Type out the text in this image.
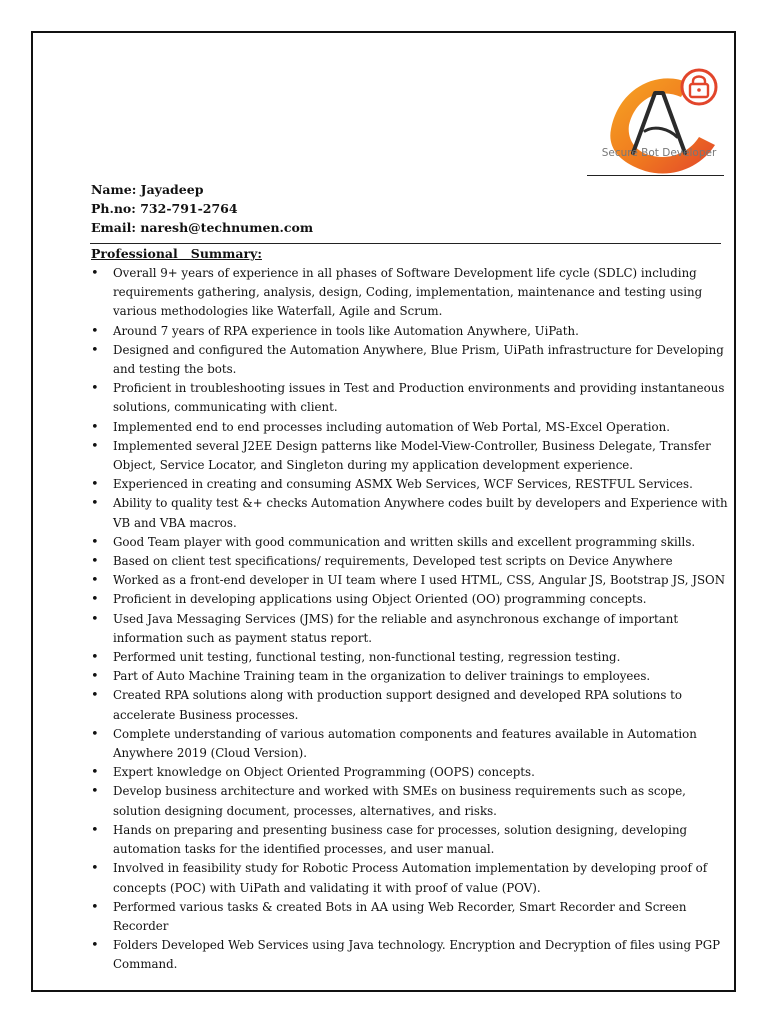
Secure Bot Developer
Name: Jayadeep
Ph.no: 732-791-2764
Email: naresh@technumen.com
Professional   Summary:
• Overall 9+ years of experience in all phases of Software Development life cycle (SDLC) including requirements gathering, analysis, design, Coding, implementation, maintenance and testing using various methodologies like Waterfall, Agile and Scrum.
• Around 7 years of RPA experience in tools like Automation Anywhere, UiPath.
• Designed and configured the Automation Anywhere, Blue Prism, UiPath infrastructure for Developing and testing the bots.
• Proficient in troubleshooting issues in Test and Production environments and providing instantaneous solutions, communicating with client.
• Implemented end to end processes including automation of Web Portal, MS-Excel Operation.
• Implemented several J2EE Design patterns like Model-View-Controller, Business Delegate, Transfer Object, Service Locator, and Singleton during my application development experience.
• Experienced in creating and consuming ASMX Web Services, WCF Services, RESTFUL Services.
• Ability to quality test &+ checks Automation Anywhere codes built by developers and Experience with VB and VBA macros.
• Good Team player with good communication and written skills and excellent programming skills.
• Based on client test specifications/ requirements, Developed test scripts on Device Anywhere
• Worked as a front-end developer in UI team where I used HTML, CSS, Angular JS, Bootstrap JS, JSON
• Proficient in developing applications using Object Oriented (OO) programming concepts.
• Used Java Messaging Services (JMS) for the reliable and asynchronous exchange of important information such as payment status report.
• Performed unit testing, functional testing, non-functional testing, regression testing.
• Part of Auto Machine Training team in the organization to deliver trainings to employees.
• Created RPA solutions along with production support designed and developed RPA solutions to accelerate Business processes.
• Complete understanding of various automation components and features available in Automation Anywhere 2019 (Cloud Version).
• Expert knowledge on Object Oriented Programming (OOPS) concepts.
• Develop business architecture and worked with SMEs on business requirements such as scope, solution designing document, processes, alternatives, and risks.
• Hands on preparing and presenting business case for processes, solution designing, developing automation tasks for the identified processes, and user manual.
• Involved in feasibility study for Robotic Process Automation implementation by developing proof of concepts (POC) with UiPath and validating it with proof of value (POV).
• Performed various tasks & created Bots in AA using Web Recorder, Smart Recorder and Screen Recorder
• Folders Developed Web Services using Java technology. Encryption and Decryption of files using PGP Command.
